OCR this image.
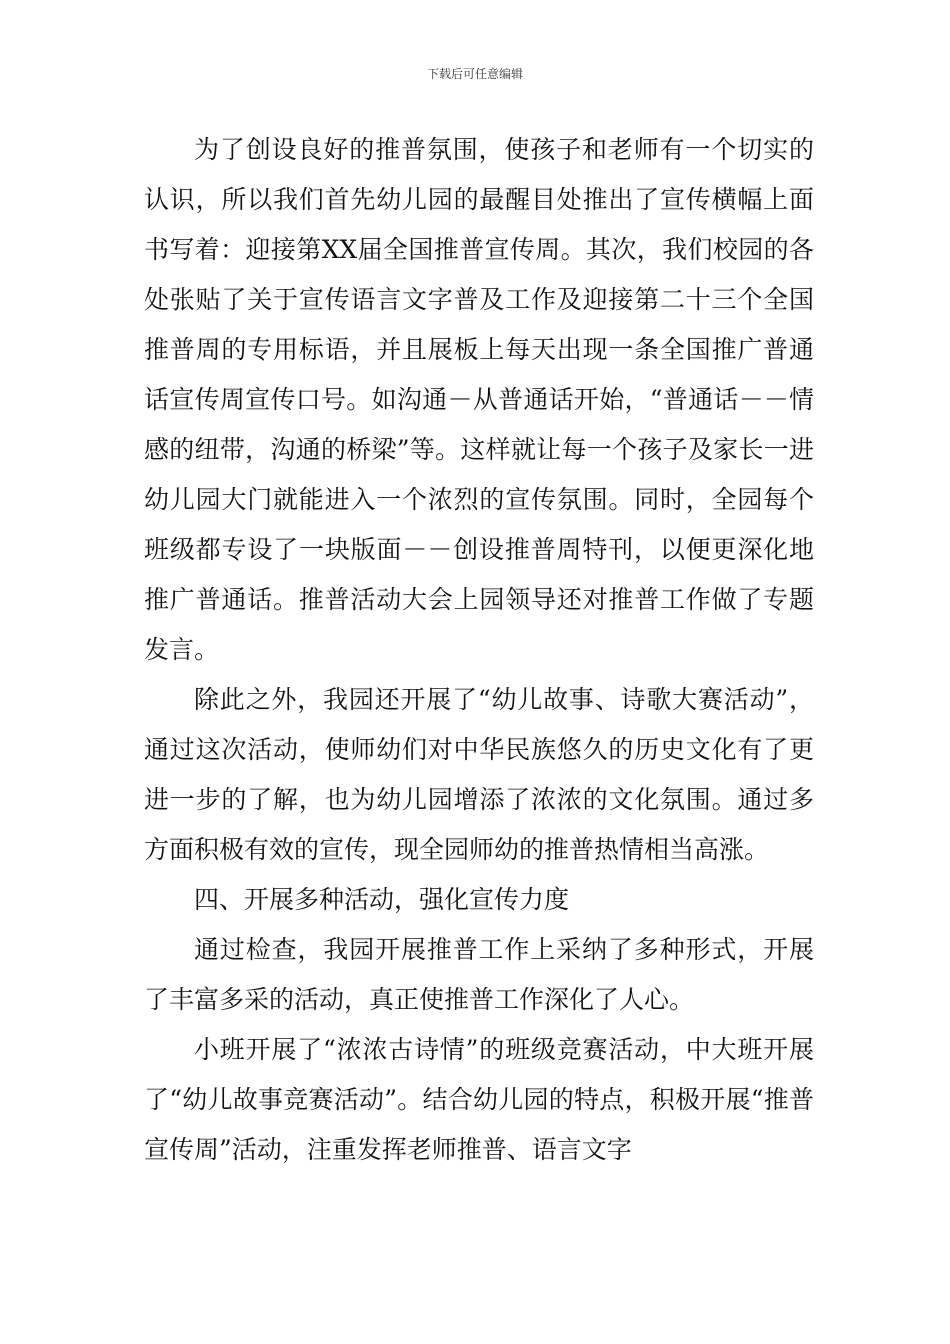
下载后可任意编辑

为了创设良好的推普氛围，使孩子和老师有一个切实的认识，所以我们首先幼儿园的最醒目处推出了宣传横幅上面书写着：迎接第XX届全国推普宣传周。其次，我们校园的各处张贴了关于宣传语言文字普及工作及迎接第二十三个全国推普周的专用标语，并且展板上每天出现一条全国推广普通话宣传周宣传口号。如沟通－从普通话开始，“普通话－－情感的纽带，沟通的桥梁”等。这样就让每一个孩子及家长一进幼儿园大门就能进入一个浓烈的宣传氛围。同时，全园每个班级都专设了一块版面－－创设推普周特刊，以便更深化地推广普通话。推普活动大会上园领导还对推普工作做了专题发言。

除此之外，我园还开展了“幼儿故事、诗歌大赛活动”，通过这次活动，使师幼们对中华民族悠久的历史文化有了更进一步的了解，也为幼儿园增添了浓浓的文化氛围。通过多方面积极有效的宣传，现全园师幼的推普热情相当高涨。

四、开展多种活动，强化宣传力度

通过检查，我园开展推普工作上采纳了多种形式，开展了丰富多采的活动，真正使推普工作深化了人心。

小班开展了“浓浓古诗情”的班级竞赛活动，中大班开展了“幼儿故事竞赛活动”。结合幼儿园的特点，积极开展“推普宣传周”活动，注重发挥老师推普、语言文字
